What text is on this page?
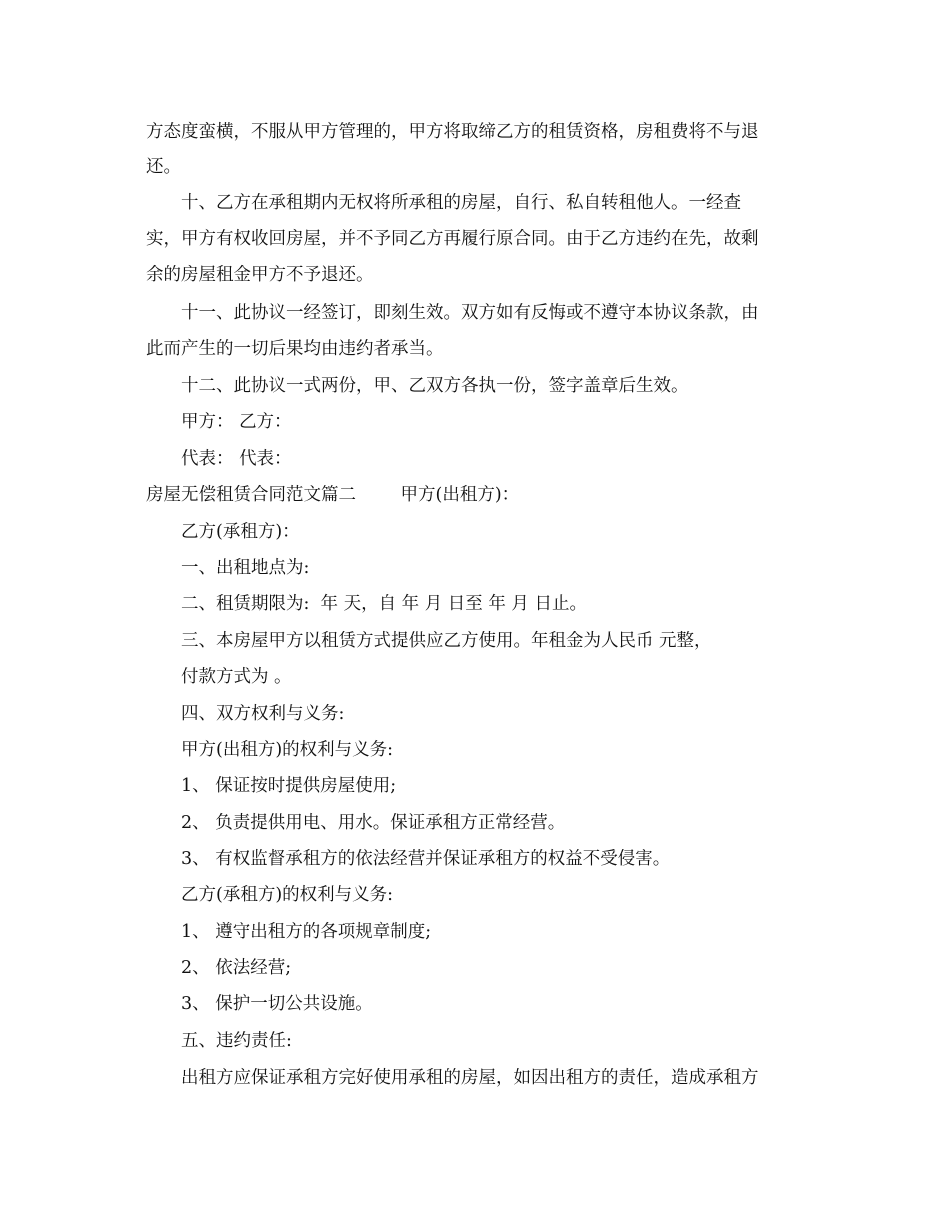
方态度蛮横，不服从甲方管理的，甲方将取缔乙方的租赁资格，房租费将不与退

还。

十、乙方在承租期内无权将所承租的房屋，自行、私自转租他人。一经查

实，甲方有权收回房屋，并不予同乙方再履行原合同。由于乙方违约在先，故剩

余的房屋租金甲方不予退还。

十一、此协议一经签订，即刻生效。双方如有反悔或不遵守本协议条款，由

此而产生的一切后果均由违约者承当。

十二、此协议一式两份，甲、乙双方各执一份，签字盖章后生效。

甲方： 乙方：

代表： 代表：

房屋无偿租赁合同范文篇二        甲方(出租方)：

乙方(承租方)：

一、出租地点为:

二、租赁期限为:  年 天，自 年 月 日至 年 月 日止。

三、本房屋甲方以租赁方式提供应乙方使用。年租金为人民币 元整，

付款方式为 。

四、双方权利与义务:

甲方(出租方)的权利与义务:

1、 保证按时提供房屋使用;

2、 负责提供用电、用水。保证承租方正常经营。

3、 有权监督承租方的依法经营并保证承租方的权益不受侵害。

乙方(承租方)的权利与义务:

1、 遵守出租方的各项规章制度;

2、 依法经营;

3、 保护一切公共设施。

五、违约责任:

出租方应保证承租方完好使用承租的房屋，如因出租方的责任，造成承租方
